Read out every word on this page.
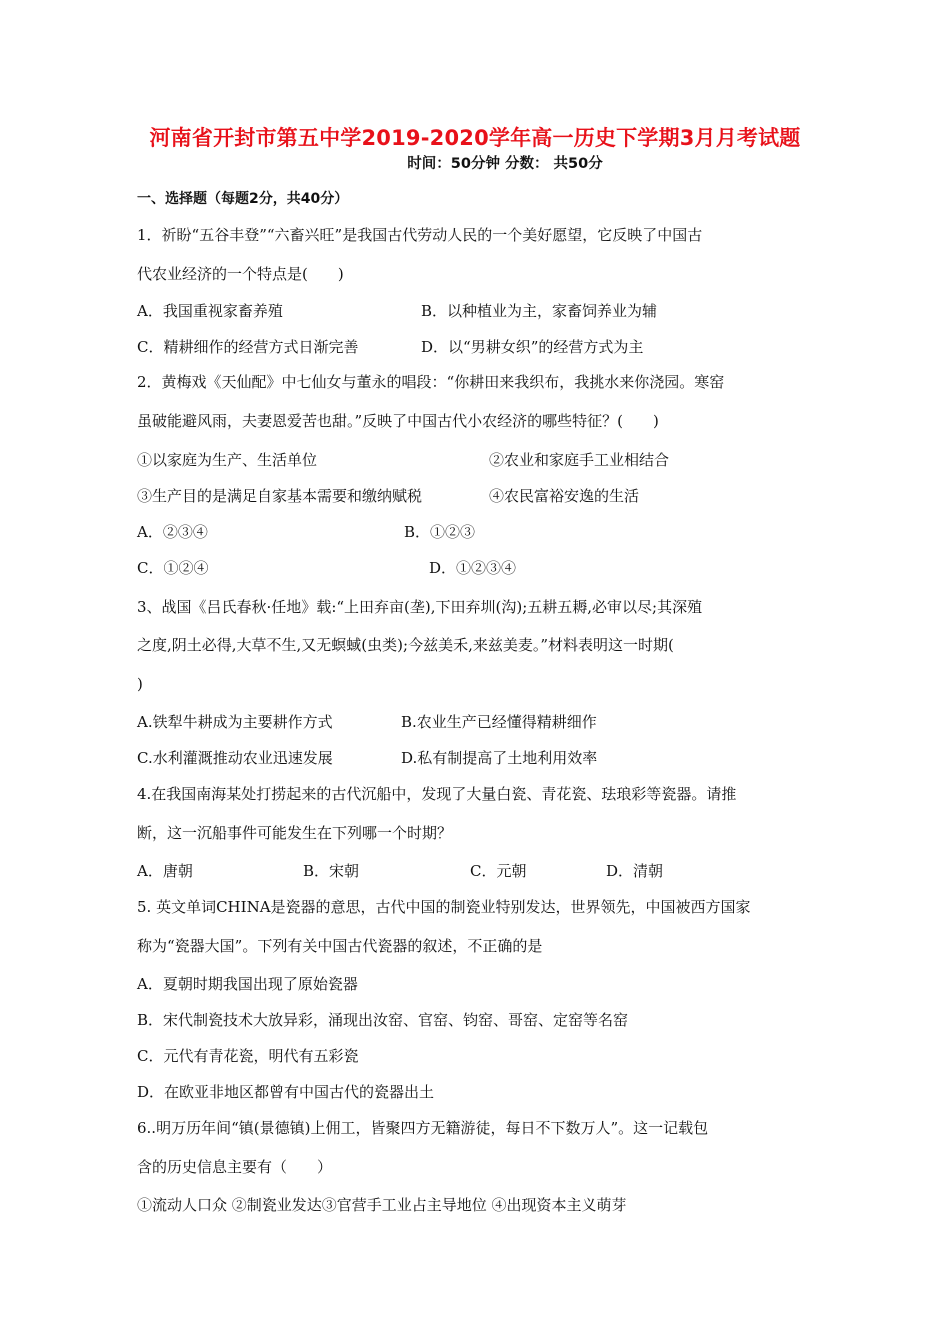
河南省开封市第五中学2019-2020学年高一历史下学期3月月考试题
时间：50分钟 分数： 共50分
一、选择题（每题2分，共40分）
1．祈盼“五谷丰登”“六畜兴旺”是我国古代劳动人民的一个美好愿望，它反映了中国古
代农业经济的一个特点是(　　)
A．我国重视家畜养殖	B．以种植业为主，家畜饲养业为辅
C．精耕细作的经营方式日渐完善	D．以“男耕女织”的经营方式为主
2．黄梅戏《天仙配》中七仙女与董永的唱段：“你耕田来我织布，我挑水来你浇园。寒窑
虽破能避风雨，夫妻恩爱苦也甜。”反映了中国古代小农经济的哪些特征？(　　)
①以家庭为生产、生活单位	②农业和家庭手工业相结合
③生产目的是满足自家基本需要和缴纳赋税	④农民富裕安逸的生活
A．②③④	B．①②③
C．①②④	D．①②③④
3、战国《吕氏春秋·任地》载:“上田弃亩(垄),下田弃圳(沟);五耕五耨,必审以尽;其深殖
之度,阴土必得,大草不生,又无螟蜮(虫类);今兹美禾,来兹美麦。”材料表明这一时期(
)
A.铁犁牛耕成为主要耕作方式	B.农业生产已经懂得精耕细作
C.水利灌溉推动农业迅速发展	D.私有制提高了土地利用效率
4.在我国南海某处打捞起来的古代沉船中，发现了大量白瓷、青花瓷、珐琅彩等瓷器。请推
断，这一沉船事件可能发生在下列哪一个时期？
A．唐朝	B．宋朝	C．元朝	D．清朝
5. 英文单词CHINA是瓷器的意思，古代中国的制瓷业特别发达，世界领先，中国被西方国家
称为“瓷器大国”。下列有关中国古代瓷器的叙述，不正确的是
A．夏朝时期我国出现了原始瓷器
B．宋代制瓷技术大放异彩，涌现出汝窑、官窑、钧窑、哥窑、定窑等名窑
C．元代有青花瓷，明代有五彩瓷
D．在欧亚非地区都曾有中国古代的瓷器出土
6..明万历年间“镇(景德镇)上佣工，皆聚四方无籍游徒，每日不下数万人”。这一记载包
含的历史信息主要有（　　）
①流动人口众 ②制瓷业发达③官营手工业占主导地位 ④出现资本主义萌芽
